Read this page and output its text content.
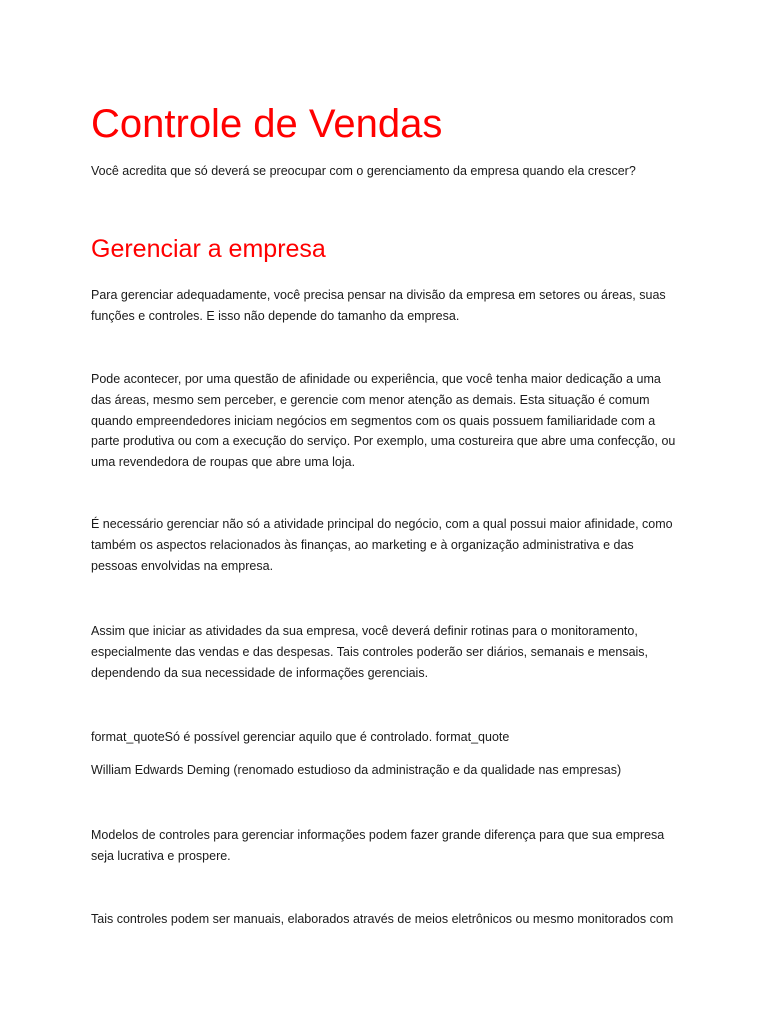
Controle de Vendas

Você acredita que só deverá se preocupar com o gerenciamento da empresa quando ela crescer?

Gerenciar a empresa

Para gerenciar adequadamente, você precisa pensar na divisão da empresa em setores ou áreas, suas funções e controles. E isso não depende do tamanho da empresa.

Pode acontecer, por uma questão de afinidade ou experiência, que você tenha maior dedicação a uma das áreas, mesmo sem perceber, e gerencie com menor atenção as demais. Esta situação é comum quando empreendedores iniciam negócios em segmentos com os quais possuem familiaridade com a parte produtiva ou com a execução do serviço. Por exemplo, uma costureira que abre uma confecção, ou uma revendedora de roupas que abre uma loja.

É necessário gerenciar não só a atividade principal do negócio, com a qual possui maior afinidade, como também os aspectos relacionados às finanças, ao marketing e à organização administrativa e das pessoas envolvidas na empresa.

Assim que iniciar as atividades da sua empresa, você deverá definir rotinas para o monitoramento, especialmente das vendas e das despesas. Tais controles poderão ser diários, semanais e mensais, dependendo da sua necessidade de informações gerenciais.

format_quoteSó é possível gerenciar aquilo que é controlado. format_quote

William Edwards Deming (renomado estudioso da administração e da qualidade nas empresas)

Modelos de controles para gerenciar informações podem fazer grande diferença para que sua empresa seja lucrativa e prospere.

Tais controles podem ser manuais, elaborados através de meios eletrônicos ou mesmo monitorados com
